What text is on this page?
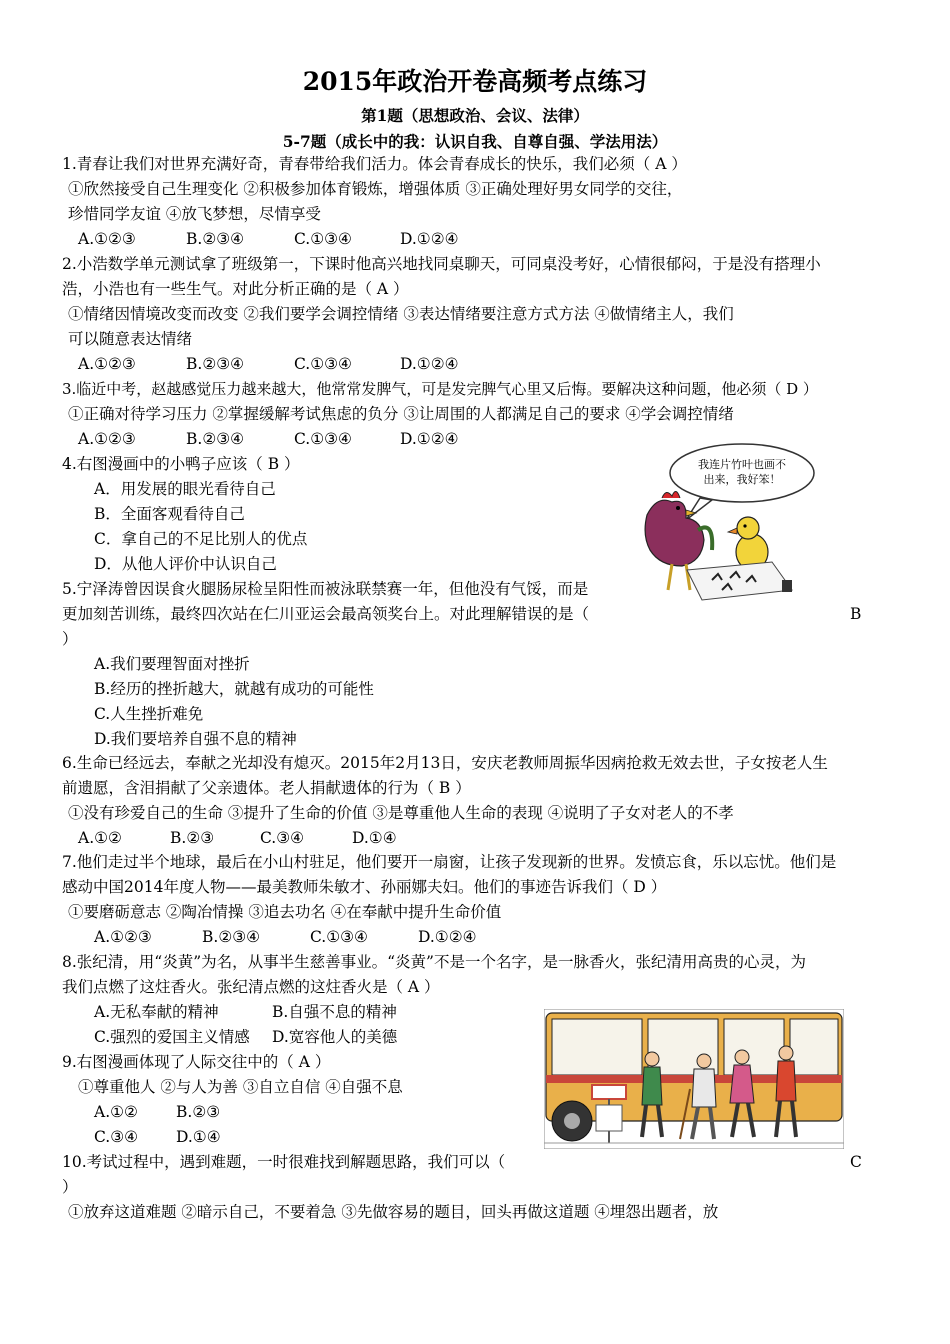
2015年政治开卷高频考点练习
第1题（思想政治、会议、法律）
5-7题（成长中的我：认识自我、自尊自强、学法用法）
1.青春让我们对世界充满好奇，青春带给我们活力。体会青春成长的快乐，我们必须（ A ）
①欣然接受自己生理变化 ②积极参加体育锻炼，增强体质 ③正确处理好男女同学的交往，
珍惜同学友谊 ④放飞梦想，尽情享受
A.①②③	B.②③④	C.①③④	D.①②④
2.小浩数学单元测试拿了班级第一，下课时他高兴地找同桌聊天，可同桌没考好，心情很郁闷，于是没有搭理小
浩，小浩也有一些生气。对此分析正确的是（ A ）
①情绪因情境改变而改变 ②我们要学会调控情绪 ③表达情绪要注意方式方法 ④做情绪主人，我们
可以随意表达情绪
A.①②③	B.②③④	C.①③④	D.①②④
3.临近中考，赵越感觉压力越来越大，他常常发脾气，可是发完脾气心里又后悔。要解决这种问题，他必须（ D ）
①正确对待学习压力 ②掌握缓解考试焦虑的负分 ③让周围的人都满足自己的要求 ④学会调控情绪
A.①②③	B.②③④	C.①③④	D.①②④
4.右图漫画中的小鸭子应该（ B ）
A．用发展的眼光看待自己
B．全面客观看待自己
C．拿自己的不足比别人的优点
D．从他人评价中认识自己
我连片竹叶也画不
出来，我好笨！
5.宁泽涛曾因误食火腿肠尿检呈阳性而被泳联禁赛一年，但他没有气馁，而是
更加刻苦训练，最终四次站在仁川亚运会最高领奖台上。对此理解错误的是（	B
）
A.我们要理智面对挫折
B.经历的挫折越大，就越有成功的可能性
C.人生挫折难免
D.我们要培养自强不息的精神
6.生命已经远去，奉献之光却没有熄灭。2015年2月13日，安庆老教师周振华因病抢救无效去世，子女按老人生
前遗愿，含泪捐献了父亲遗体。老人捐献遗体的行为（ B ）
①没有珍爱自己的生命 ③提升了生命的价值 ③是尊重他人生命的表现 ④说明了子女对老人的不孝
A.①②	B.②③	C.③④	D.①④
7.他们走过半个地球，最后在小山村驻足，他们要开一扇窗，让孩子发现新的世界。发愤忘食，乐以忘忧。他们是
感动中国2014年度人物——最美教师朱敏才、孙丽娜夫妇。他们的事迹告诉我们（ D ）
①要磨砺意志 ②陶冶情操 ③追去功名 ④在奉献中提升生命价值
A.①②③	B.②③④	C.①③④	D.①②④
8.张纪清，用“炎黄”为名，从事半生慈善事业。“炎黄”不是一个名字，是一脉香火，张纪清用高贵的心灵，为
我们点燃了这炷香火。张纪清点燃的这炷香火是（ A ）
A.无私奉献的精神	B.自强不息的精神
C.强烈的爱国主义情感 D.宽容他人的美德
9.右图漫画体现了人际交往中的（ A ）
①尊重他人 ②与人为善 ③自立自信 ④自强不息
A.①② B.②③
C.③④ D.①④
10.考试过程中，遇到难题，一时很难找到解题思路，我们可以（	C
）
①放弃这道难题 ②暗示自己，不要着急 ③先做容易的题目，回头再做这道题 ④埋怨出题者，放
